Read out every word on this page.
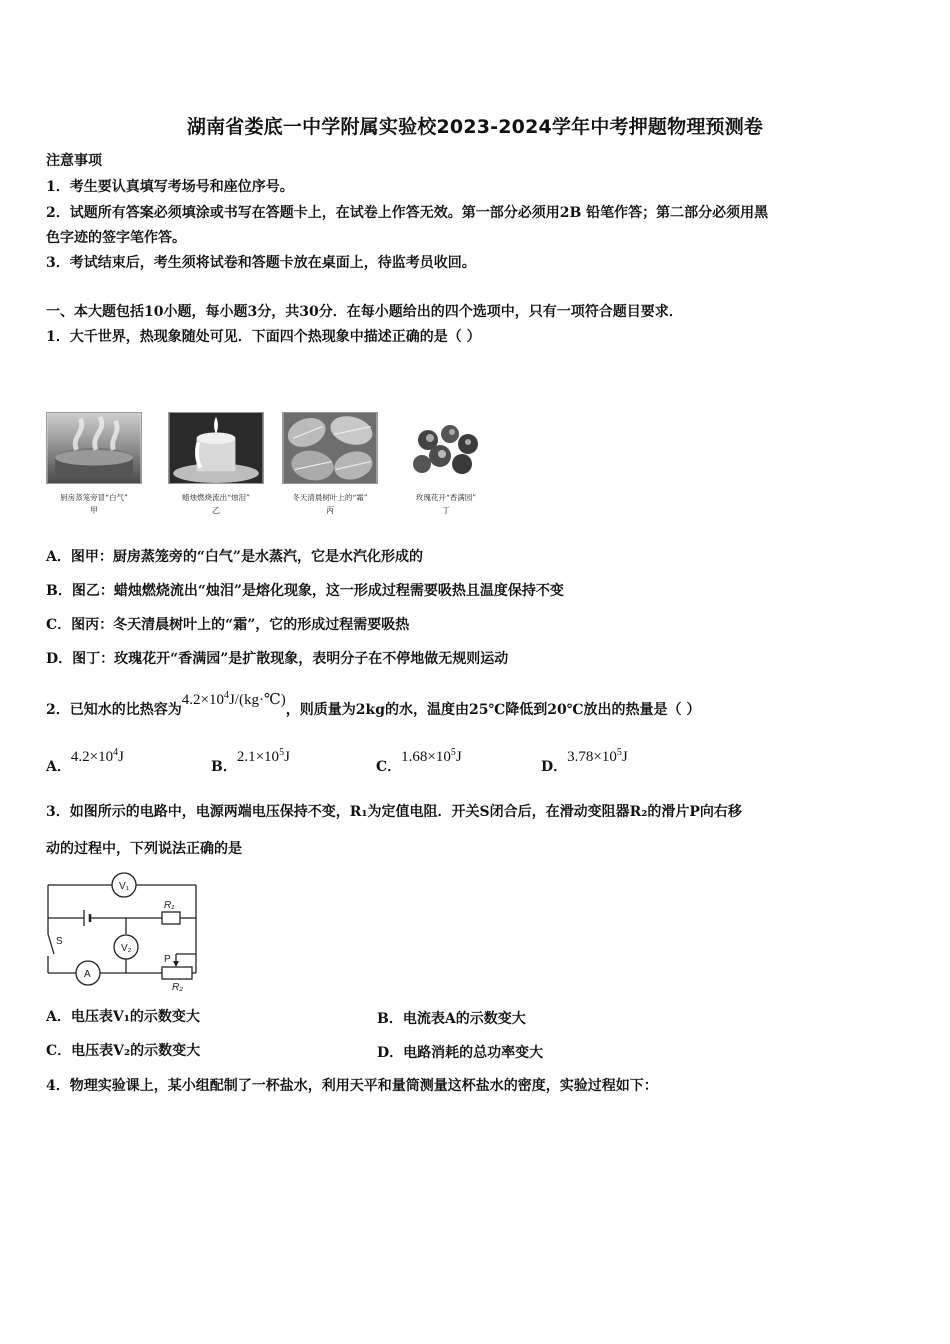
湖南省娄底一中学附属实验校2023-2024学年中考押题物理预测卷
注意事项
1．考生要认真填写考场号和座位序号。
2．试题所有答案必须填涂或书写在答题卡上，在试卷上作答无效。第一部分必须用2B 铅笔作答；第二部分必须用黑
色字迹的签字笔作答。
3．考试结束后，考生须将试卷和答题卡放在桌面上，待监考员收回。
一、本大题包括10小题，每小题3分，共30分．在每小题给出的四个选项中，只有一项符合题目要求．
1．大千世界，热现象随处可见．下面四个热现象中描述正确的是（ ）
厨房蒸笼旁冒“白气”
甲
蜡烛燃烧流出“烛泪”
乙
冬天清晨树叶上的“霜”
丙
玫瑰花开“香满园”
丁
A．图甲：厨房蒸笼旁的“白气”是水蒸汽，它是水汽化形成的
B．图乙：蜡烛燃烧流出“烛泪”是熔化现象，这一形成过程需要吸热且温度保持不变
C．图丙：冬天清晨树叶上的“霜”，它的形成过程需要吸热
D．图丁：玫瑰花开“香满园”是扩散现象，表明分子在不停地做无规则运动
2．已知水的比热容为$4.2\times 10^4J/(kg\cdot℃)$，则质量为2kg的水，温度由25℃降低到20℃放出的热量是（ ）
A．$4.2\times 10^4J$
B．$2.1\times 10^5J$
C．$1.68\times 10^5J$
D．$3.78\times 10^5J$
3．如图所示的电路中，电源两端电压保持不变，R₁为定值电阻．开关S闭合后，在滑动变阻器R₂的滑片P向右移
动的过程中，下列说法正确的是
V₁
V₂
A
R₁
R₂
S
P
A．电压表V₁的示数变大	B．电流表A的示数变大
C．电压表V₂的示数变大	D．电路消耗的总功率变大
4．物理实验课上，某小组配制了一杯盐水，利用天平和量筒测量这杯盐水的密度，实验过程如下：
